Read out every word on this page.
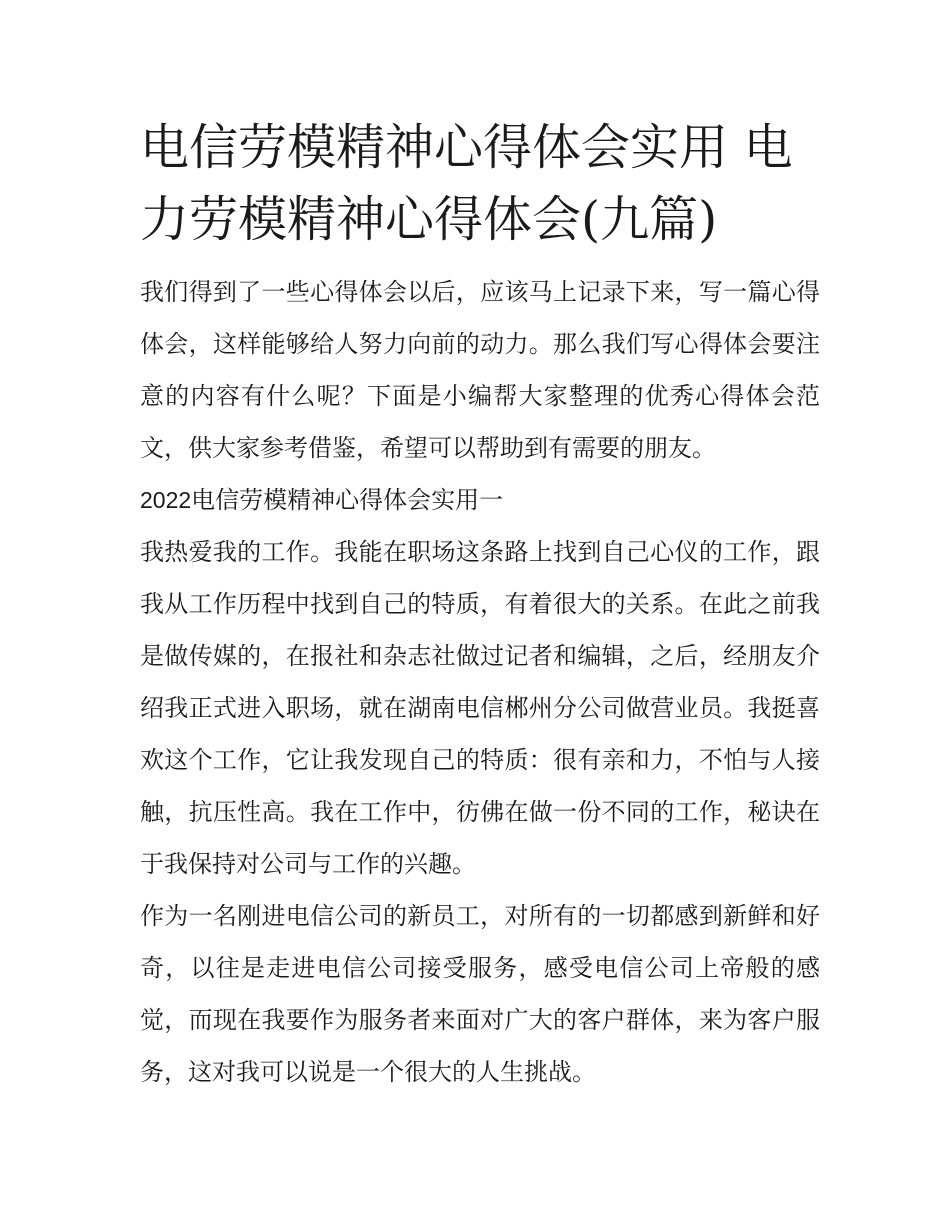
电信劳模精神心得体会实用 电力劳模精神心得体会(九篇)

我们得到了一些心得体会以后，应该马上记录下来，写一篇心得体会，这样能够给人努力向前的动力。那么我们写心得体会要注意的内容有什么呢？下面是小编帮大家整理的优秀心得体会范文，供大家参考借鉴，希望可以帮助到有需要的朋友。

2022电信劳模精神心得体会实用一

我热爱我的工作。我能在职场这条路上找到自己心仪的工作，跟我从工作历程中找到自己的特质，有着很大的关系。在此之前我是做传媒的，在报社和杂志社做过记者和编辑，之后，经朋友介绍我正式进入职场，就在湖南电信郴州分公司做营业员。我挺喜欢这个工作，它让我发现自己的特质：很有亲和力，不怕与人接触，抗压性高。我在工作中，彷佛在做一份不同的工作，秘诀在于我保持对公司与工作的兴趣。

作为一名刚进电信公司的新员工，对所有的一切都感到新鲜和好奇，以往是走进电信公司接受服务，感受电信公司上帝般的感觉，而现在我要作为服务者来面对广大的客户群体，来为客户服务，这对我可以说是一个很大的人生挑战。
